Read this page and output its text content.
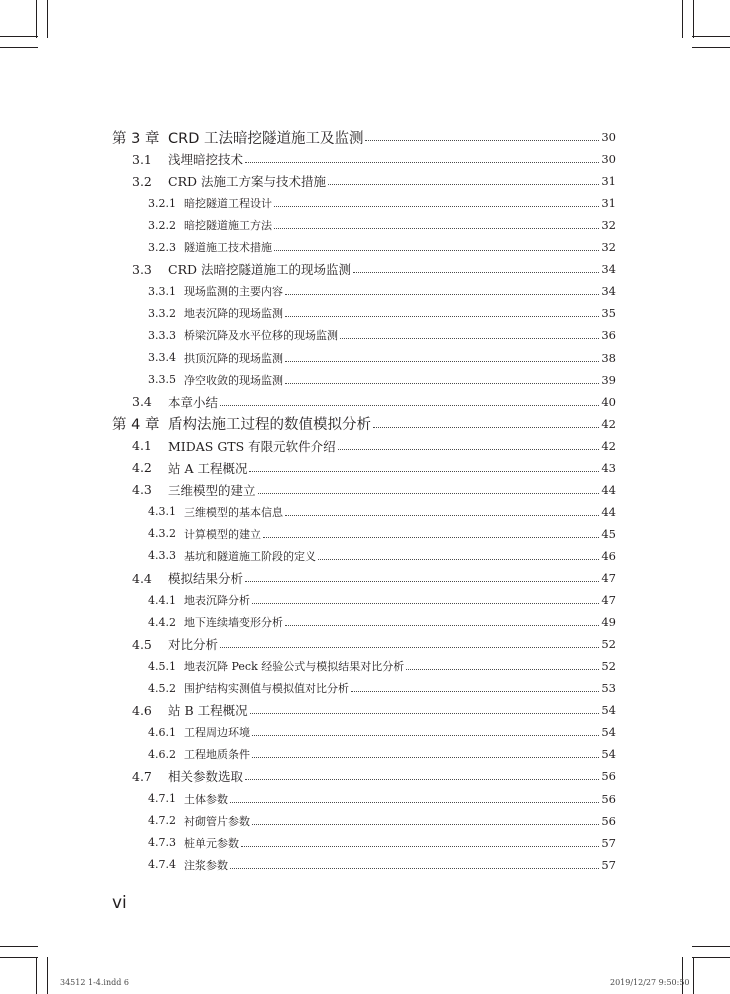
第 3 章 CRD 工法暗挖隧道施工及监测	30
3.1	浅埋暗挖技术	30
3.2	CRD 法施工方案与技术措施	31
3.2.1 暗挖隧道工程设计	31
3.2.2 暗挖隧道施工方法	32
3.2.3 隧道施工技术措施	32
3.3	CRD 法暗挖隧道施工的现场监测	34
3.3.1 现场监测的主要内容	34
3.3.2 地表沉降的现场监测	35
3.3.3 桥梁沉降及水平位移的现场监测	36
3.3.4 拱顶沉降的现场监测	38
3.3.5 净空收敛的现场监测	39
3.4	本章小结	40
第 4 章 盾构法施工过程的数值模拟分析	42
4.1	MIDAS GTS 有限元软件介绍	42
4.2	站 A 工程概况	43
4.3	三维模型的建立	44
4.3.1 三维模型的基本信息	44
4.3.2 计算模型的建立	45
4.3.3 基坑和隧道施工阶段的定义	46
4.4	模拟结果分析	47
4.4.1 地表沉降分析	47
4.4.2 地下连续墙变形分析	49
4.5	对比分析	52
4.5.1 地表沉降 Peck 经验公式与模拟结果对比分析	52
4.5.2 围护结构实测值与模拟值对比分析	53
4.6	站 B 工程概况	54
4.6.1 工程周边环境	54
4.6.2 工程地质条件	54
4.7	相关参数选取	56
4.7.1 土体参数	56
4.7.2 衬砌管片参数	56
4.7.3 桩单元参数	57
4.7.4 注浆参数	57
vi
34512 1-4.indd 6	2019/12/27 9:50:50
